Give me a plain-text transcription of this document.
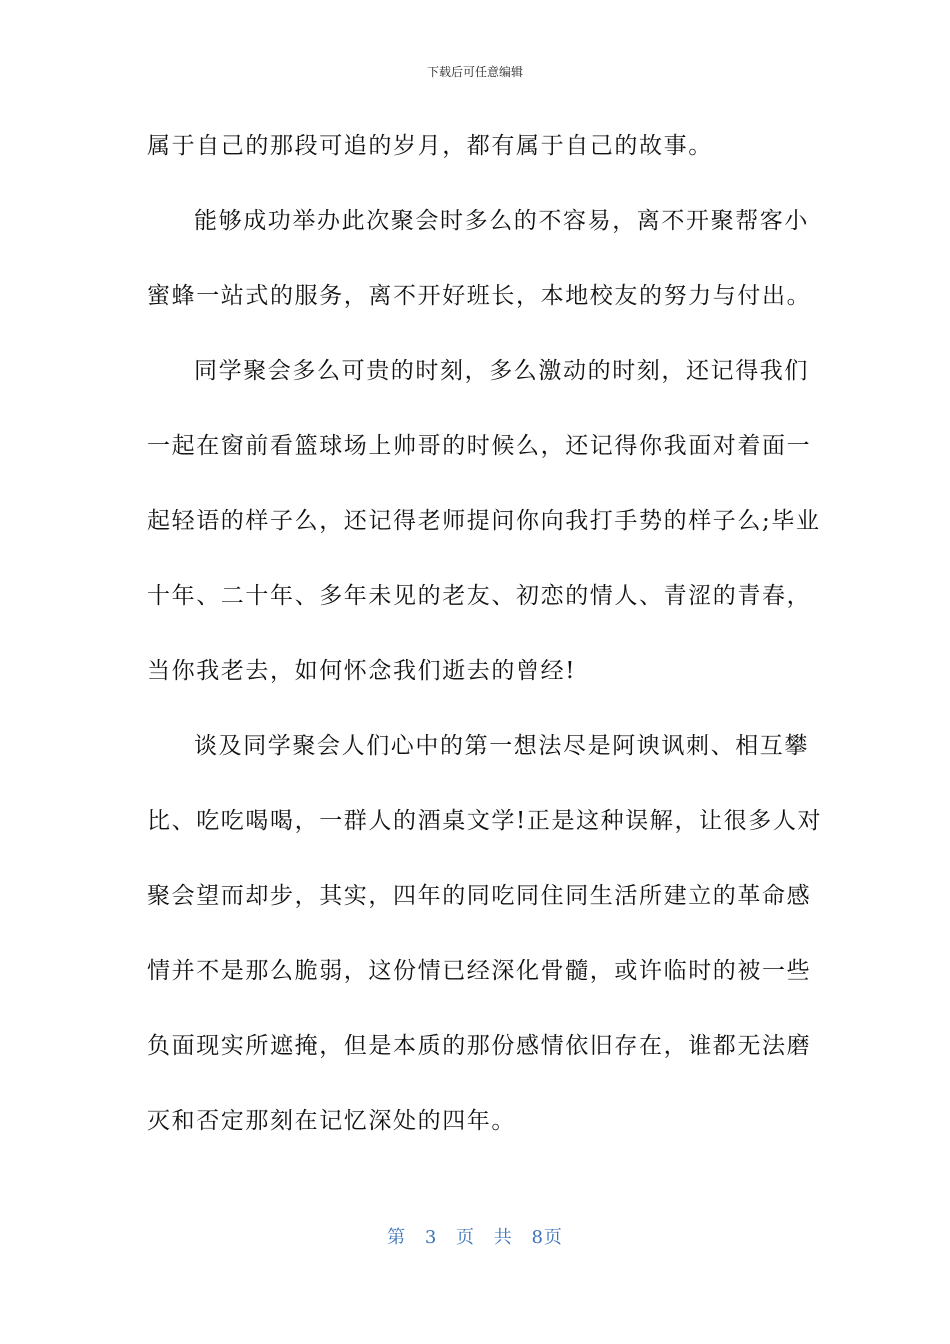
下载后可任意编辑
属于自己的那段可追的岁月，都有属于自己的故事。
能够成功举办此次聚会时多么的不容易，离不开聚帮客小
蜜蜂一站式的服务，离不开好班长，本地校友的努力与付出。
同学聚会多么可贵的时刻，多么激动的时刻，还记得我们
一起在窗前看篮球场上帅哥的时候么，还记得你我面对着面一
起轻语的样子么，还记得老师提问你向我打手势的样子么;毕业
十年、二十年、多年未见的老友、初恋的情人、青涩的青春，
当你我老去，如何怀念我们逝去的曾经!
谈及同学聚会人们心中的第一想法尽是阿谀讽刺、相互攀
比、吃吃喝喝，一群人的酒桌文学!正是这种误解，让很多人对
聚会望而却步，其实，四年的同吃同住同生活所建立的革命感
情并不是那么脆弱，这份情已经深化骨髓，或许临时的被一些
负面现实所遮掩，但是本质的那份感情依旧存在，谁都无法磨
灭和否定那刻在记忆深处的四年。
第 3 页 共 8页
